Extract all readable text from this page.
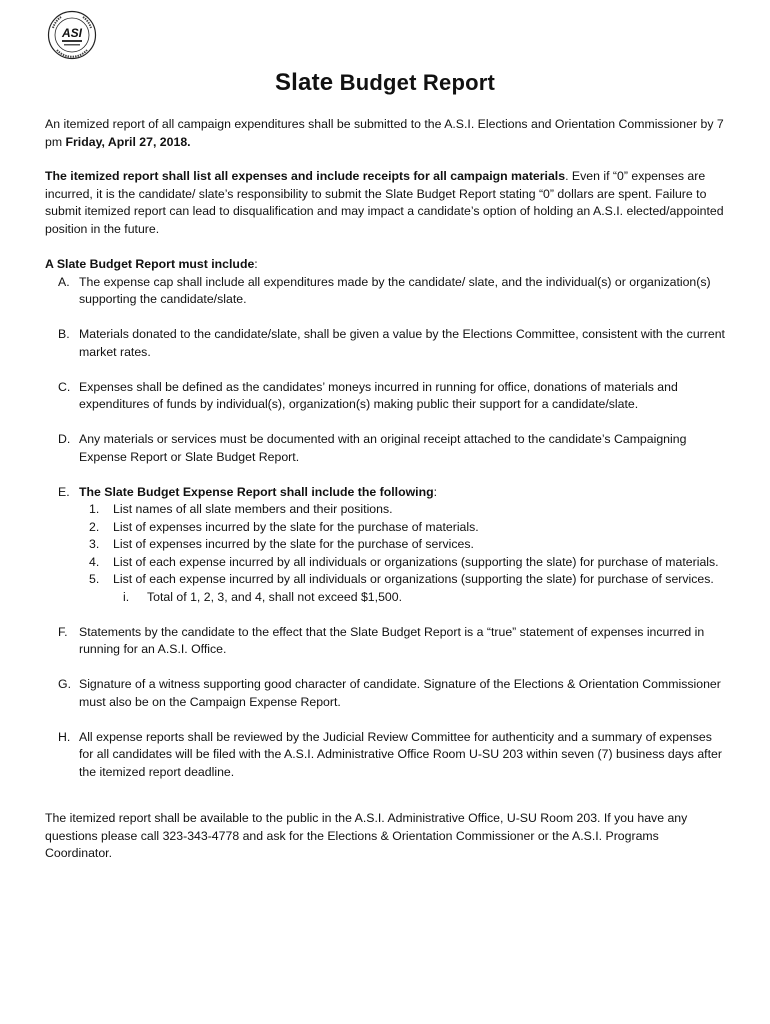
ASI
Slate Budget Report

An itemized report of all campaign expenditures shall be submitted to the A.S.I. Elections and Orientation Commissioner by 7 pm Friday, April 27, 2018.

The itemized report shall list all expenses and include receipts for all campaign materials. Even if “0” expenses are incurred, it is the candidate/ slate’s responsibility to submit the Slate Budget Report stating “0” dollars are spent. Failure to submit itemized report can lead to disqualification and may impact a candidate’s option of holding an A.S.I. elected/appointed position in the future.

A Slate Budget Report must include:
A. The expense cap shall include all expenditures made by the candidate/ slate, and the individual(s) or organization(s) supporting the candidate/slate.
B. Materials donated to the candidate/slate, shall be given a value by the Elections Committee, consistent with the current market rates.
C. Expenses shall be defined as the candidates’ moneys incurred in running for office, donations of materials and expenditures of funds by individual(s), organization(s) making public their support for a candidate/slate.
D. Any materials or services must be documented with an original receipt attached to the candidate’s Campaigning Expense Report or Slate Budget Report.
E. The Slate Budget Expense Report shall include the following:
1. List names of all slate members and their positions.
2. List of expenses incurred by the slate for the purchase of materials.
3. List of expenses incurred by the slate for the purchase of services.
4. List of each expense incurred by all individuals or organizations (supporting the slate) for purchase of materials.
5. List of each expense incurred by all individuals or organizations (supporting the slate) for purchase of services.
i. Total of 1, 2, 3, and 4, shall not exceed $1,500.
F. Statements by the candidate to the effect that the Slate Budget Report is a “true” statement of expenses incurred in running for an A.S.I. Office.
G. Signature of a witness supporting good character of candidate. Signature of the Elections & Orientation Commissioner must also be on the Campaign Expense Report.
H. All expense reports shall be reviewed by the Judicial Review Committee for authenticity and a summary of expenses for all candidates will be filed with the A.S.I. Administrative Office Room U-SU 203 within seven (7) business days after the itemized report deadline.

The itemized report shall be available to the public in the A.S.I. Administrative Office, U-SU Room 203. If you have any questions please call 323-343-4778 and ask for the Elections & Orientation Commissioner or the A.S.I. Programs Coordinator.
